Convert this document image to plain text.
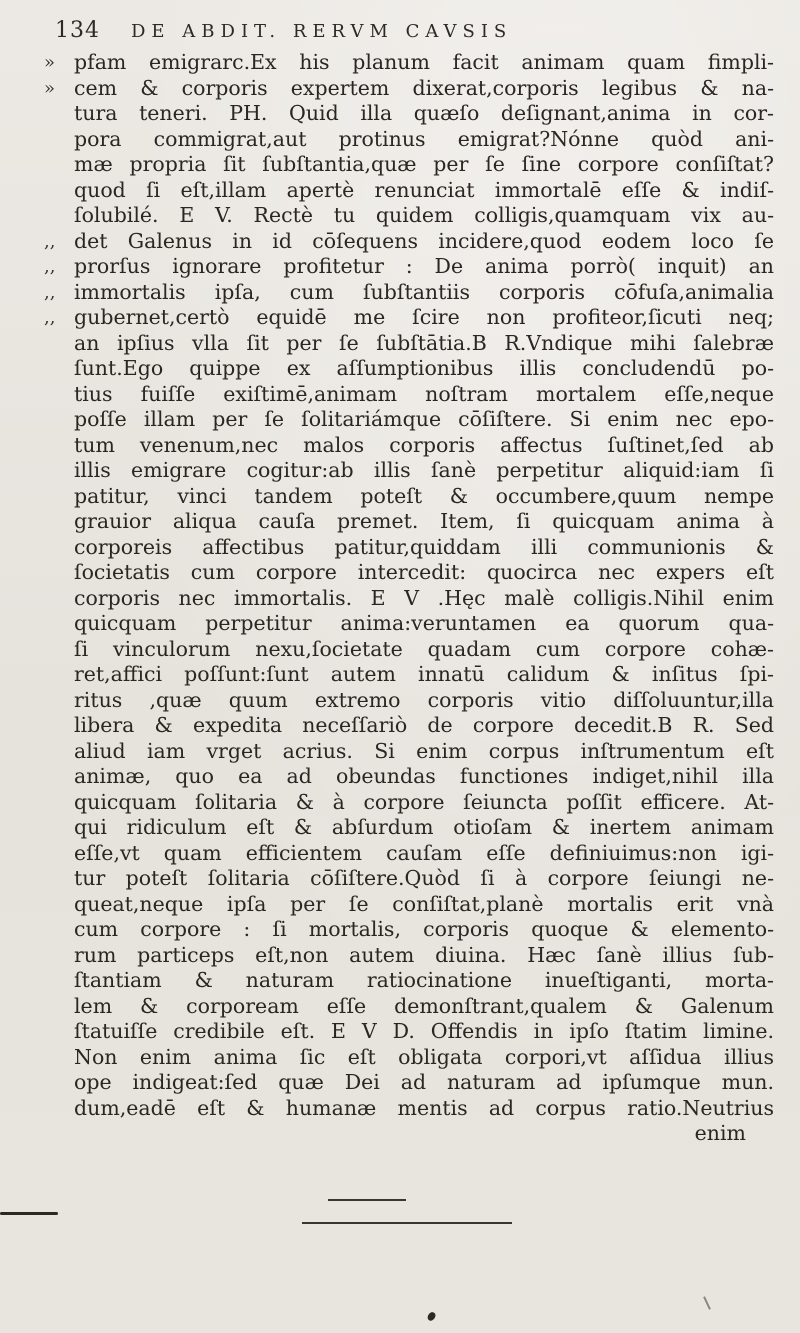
134	DE ABDIT. RERVM CAVSIS
» pfam emigrarc.Ex his planum facit animam quam fimpli-
» cem & corporis expertem dixerat,corporis legibus & na-
tura teneri. PH. Quid illa quæſo deſignant,anima in cor-
pora commigrat,aut protinus emigrat?Nónne quòd ani-
mæ propria ſit ſubſtantia,quæ per ſe ſine corpore conſiſtat?
quod ſi eſt,illam apertè renunciat immortalē eſſe & indiſ-
ſolubilé. E V. Rectè tu quidem colligis,quamquam vix au-
,, det Galenus in id cōſequens incidere,quod eodem loco ſe
,, prorſus ignorare profitetur : De anima porrò( inquit) an
,, immortalis ipſa, cum ſubſtantiis corporis cōfuſa,animalia
,, gubernet,certò equidē me ſcire non profiteor,ſicuti neq;
an ipſius vlla ſit per ſe ſubſtātia.B R.Vndique mihi ſalebræ
ſunt.Ego quippe ex aſſumptionibus illis concludendū po-
tius fuiſſe exiſtimē,animam noſtram mortalem eſſe,neque
poſſe illam per ſe ſolitariámque cōſiſtere. Si enim nec epo-
tum venenum,nec malos corporis affectus ſuſtinet,ſed ab
illis emigrare cogitur:ab illis ſanè perpetitur aliquid:iam ſi
patitur, vinci tandem poteſt & occumbere,quum nempe
grauior aliqua cauſa premet. Item, ſi quicquam anima à
corporeis affectibus patitur,quiddam illi communionis &
ſocietatis cum corpore intercedit: quocirca nec expers eſt
corporis nec immortalis. E V .Hęc malè colligis.Nihil enim
quicquam perpetitur anima:veruntamen ea quorum qua-
ſi vinculorum nexu,ſocietate quadam cum corpore cohæ-
ret,affici poſſunt:ſunt autem innatū calidum & inſitus ſpi-
ritus ,quæ quum extremo corporis vitio diſſoluuntur,illa
libera & expedita neceſſariò de corpore decedit.B R. Sed
aliud iam vrget acrius. Si enim corpus inſtrumentum eſt
animæ, quo ea ad obeundas functiones indiget,nihil illa
quicquam ſolitaria & à corpore ſeiuncta poſſit efficere. At-
qui ridiculum eſt & abſurdum otioſam & inertem animam
eſſe,vt quam efficientem cauſam eſſe definiuimus:non igi-
tur poteſt ſolitaria cōſiſtere.Quòd ſi à corpore ſeiungi ne-
queat,neque ipſa per ſe conſiſtat,planè mortalis erit vnà
cum corpore : ſi mortalis, corporis quoque & elemento-
rum particeps eſt,non autem diuina. Hæc ſanè illius ſub-
ſtantiam & naturam ratiocinatione inueſtiganti, morta-
lem & corpoream eſſe demonſtrant,qualem & Galenum
ſtatuiſſe credibile eſt. E V D. Offendis in ipſo ſtatim limine.
Non enim anima ſic eſt obligata corpori,vt aſſidua illius
ope indigeat:ſed quæ Dei ad naturam ad ipſumque mun.
dum,eadē eſt & humanæ mentis ad corpus ratio.Neutrius
enim
